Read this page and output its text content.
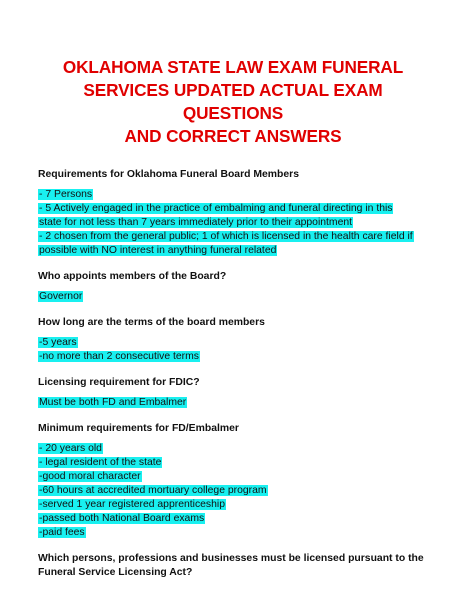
OKLAHOMA STATE LAW EXAM FUNERAL
SERVICES UPDATED ACTUAL EXAM QUESTIONS
AND CORRECT ANSWERS
Requirements for Oklahoma Funeral Board Members
- 7 Persons
- 5 Actively engaged in the practice of embalming and funeral directing in this
state for not less than 7 years immediately prior to their appointment
- 2 chosen from the general public; 1 of which is licensed in the health care field if
possible with NO interest in anything funeral related
Who appoints members of the Board?
Governor
How long are the terms of the board members
-5 years
-no more than 2 consecutive terms
Licensing requirement for FDIC?
Must be both FD and Embalmer
Minimum requirements for FD/Embalmer
- 20 years old
- legal resident of the state
-good moral character
-60 hours at accredited mortuary college program
-served 1 year registered apprenticeship
-passed both National Board exams
-paid fees
Which persons, professions and businesses must be licensed pursuant to the
Funeral Service Licensing Act?
